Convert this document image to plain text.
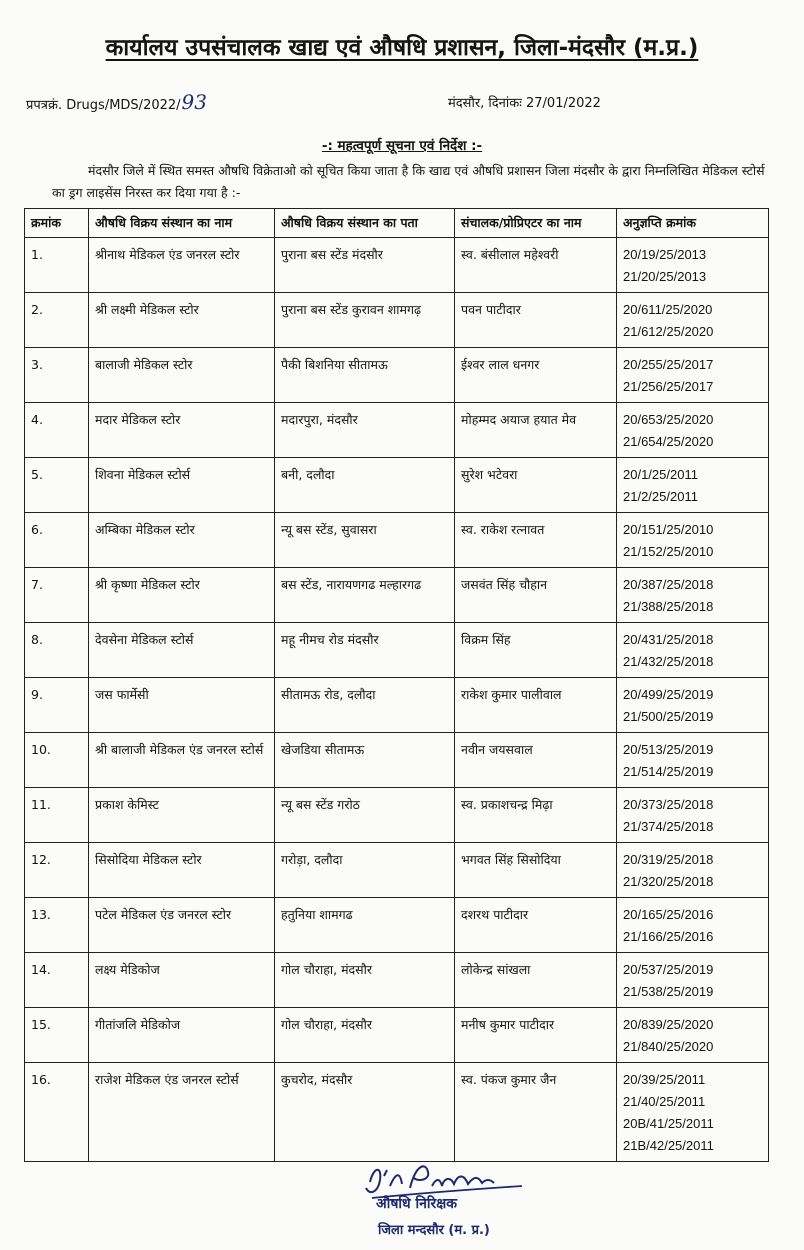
कार्यालय उपसंचालक खाद्य एवं औषधि प्रशासन, जिला-मंदसौर (म.प्र.)
प्रपत्रक्रं. Drugs/MDS/2022/93	मंदसौर, दिनांकः 27/01/2022
-: महत्वपूर्ण सूचना एवं निर्देश :-
मंदसौर जिले में स्थित समस्त औषधि विक्रेताओ को सूचित किया जाता है कि खाद्य एवं औषधि प्रशासन जिला मंदसौर के द्वारा निम्नलिखित मेडिकल स्टोर्स का ड्रग लाइसेंस निरस्त कर दिया गया है :-
क्रमांक	औषधि विक्रय संस्थान का नाम	औषधि विक्रय संस्थान का पता	संचालक/प्रोप्रिएटर का नाम	अनुज्ञप्ति क्रमांक
1.	श्रीनाथ मेडिकल एंड जनरल स्टोर	पुराना बस स्टेंड मंदसौर	स्व. बंसीलाल महेश्वरी	20/19/25/2013
21/20/25/2013

2.	श्री लक्ष्मी मेडिकल स्टोर	पुराना बस स्टेंड कुरावन शामगढ़	पवन पाटीदार	20/611/25/2020
21/612/25/2020

3.	बालाजी मेडिकल स्टोर	पैकी बिशनिया सीतामऊ	ईश्वर लाल धनगर	20/255/25/2017
21/256/25/2017

4.	मदार मेडिकल स्टोर	मदारपुरा, मंदसौर	मोहम्मद अयाज हयात मेव	20/653/25/2020
21/654/25/2020

5.	शिवना मेडिकल स्टोर्स	बनी, दलौदा	सुरेश भटेवरा	20/1/25/2011
21/2/25/2011

6.	अम्बिका मेडिकल स्टोर	न्यू बस स्टेंड, सुवासरा	स्व. राकेश रत्नावत	20/151/25/2010
21/152/25/2010

7.	श्री कृष्णा मेडिकल स्टोर	बस स्टेंड, नारायणगढ मल्हारगढ	जसवंत सिंह चौहान	20/387/25/2018
21/388/25/2018

8.	देवसेना मेडिकल स्टोर्स	महू नीमच रोड मंदसौर	विक्रम सिंह	20/431/25/2018
21/432/25/2018

9.	जस फार्मेसी	सीतामऊ रोड, दलौदा	राकेश कुमार पालीवाल	20/499/25/2019
21/500/25/2019

10.	श्री बालाजी मेडिकल एंड जनरल स्टोर्स	खेजडिया सीतामऊ	नवीन जयसवाल	20/513/25/2019
21/514/25/2019

11.	प्रकाश केमिस्ट	न्यू बस स्टेंड गरोठ	स्व. प्रकाशचन्द्र मिढ़ा	20/373/25/2018
21/374/25/2018

12.	सिसोदिया मेडिकल स्टोर	गरोड़ा, दलौदा	भगवत सिंह सिसोदिया	20/319/25/2018
21/320/25/2018

13.	पटेल मेडिकल एंड जनरल स्टोर	हतुनिया शामगढ	दशरथ पाटीदार	20/165/25/2016
21/166/25/2016

14.	लक्ष्य मेडिकोज	गोल चौराहा, मंदसौर	लोकेन्द्र सांखला	20/537/25/2019
21/538/25/2019

15.	गीतांजलि मेडिकोज	गोल चौराहा, मंदसौर	मनीष कुमार पाटीदार	20/839/25/2020
21/840/25/2020

16.	राजेश मेडिकल एंड जनरल स्टोर्स	कुचरोद, मंदसौर	स्व. पंकज कुमार जैन	20/39/25/2011
21/40/25/2011
20B/41/25/2011
21B/42/25/2011
औषधि निरिक्षक
जिला मन्दसौर (म. प्र.)
